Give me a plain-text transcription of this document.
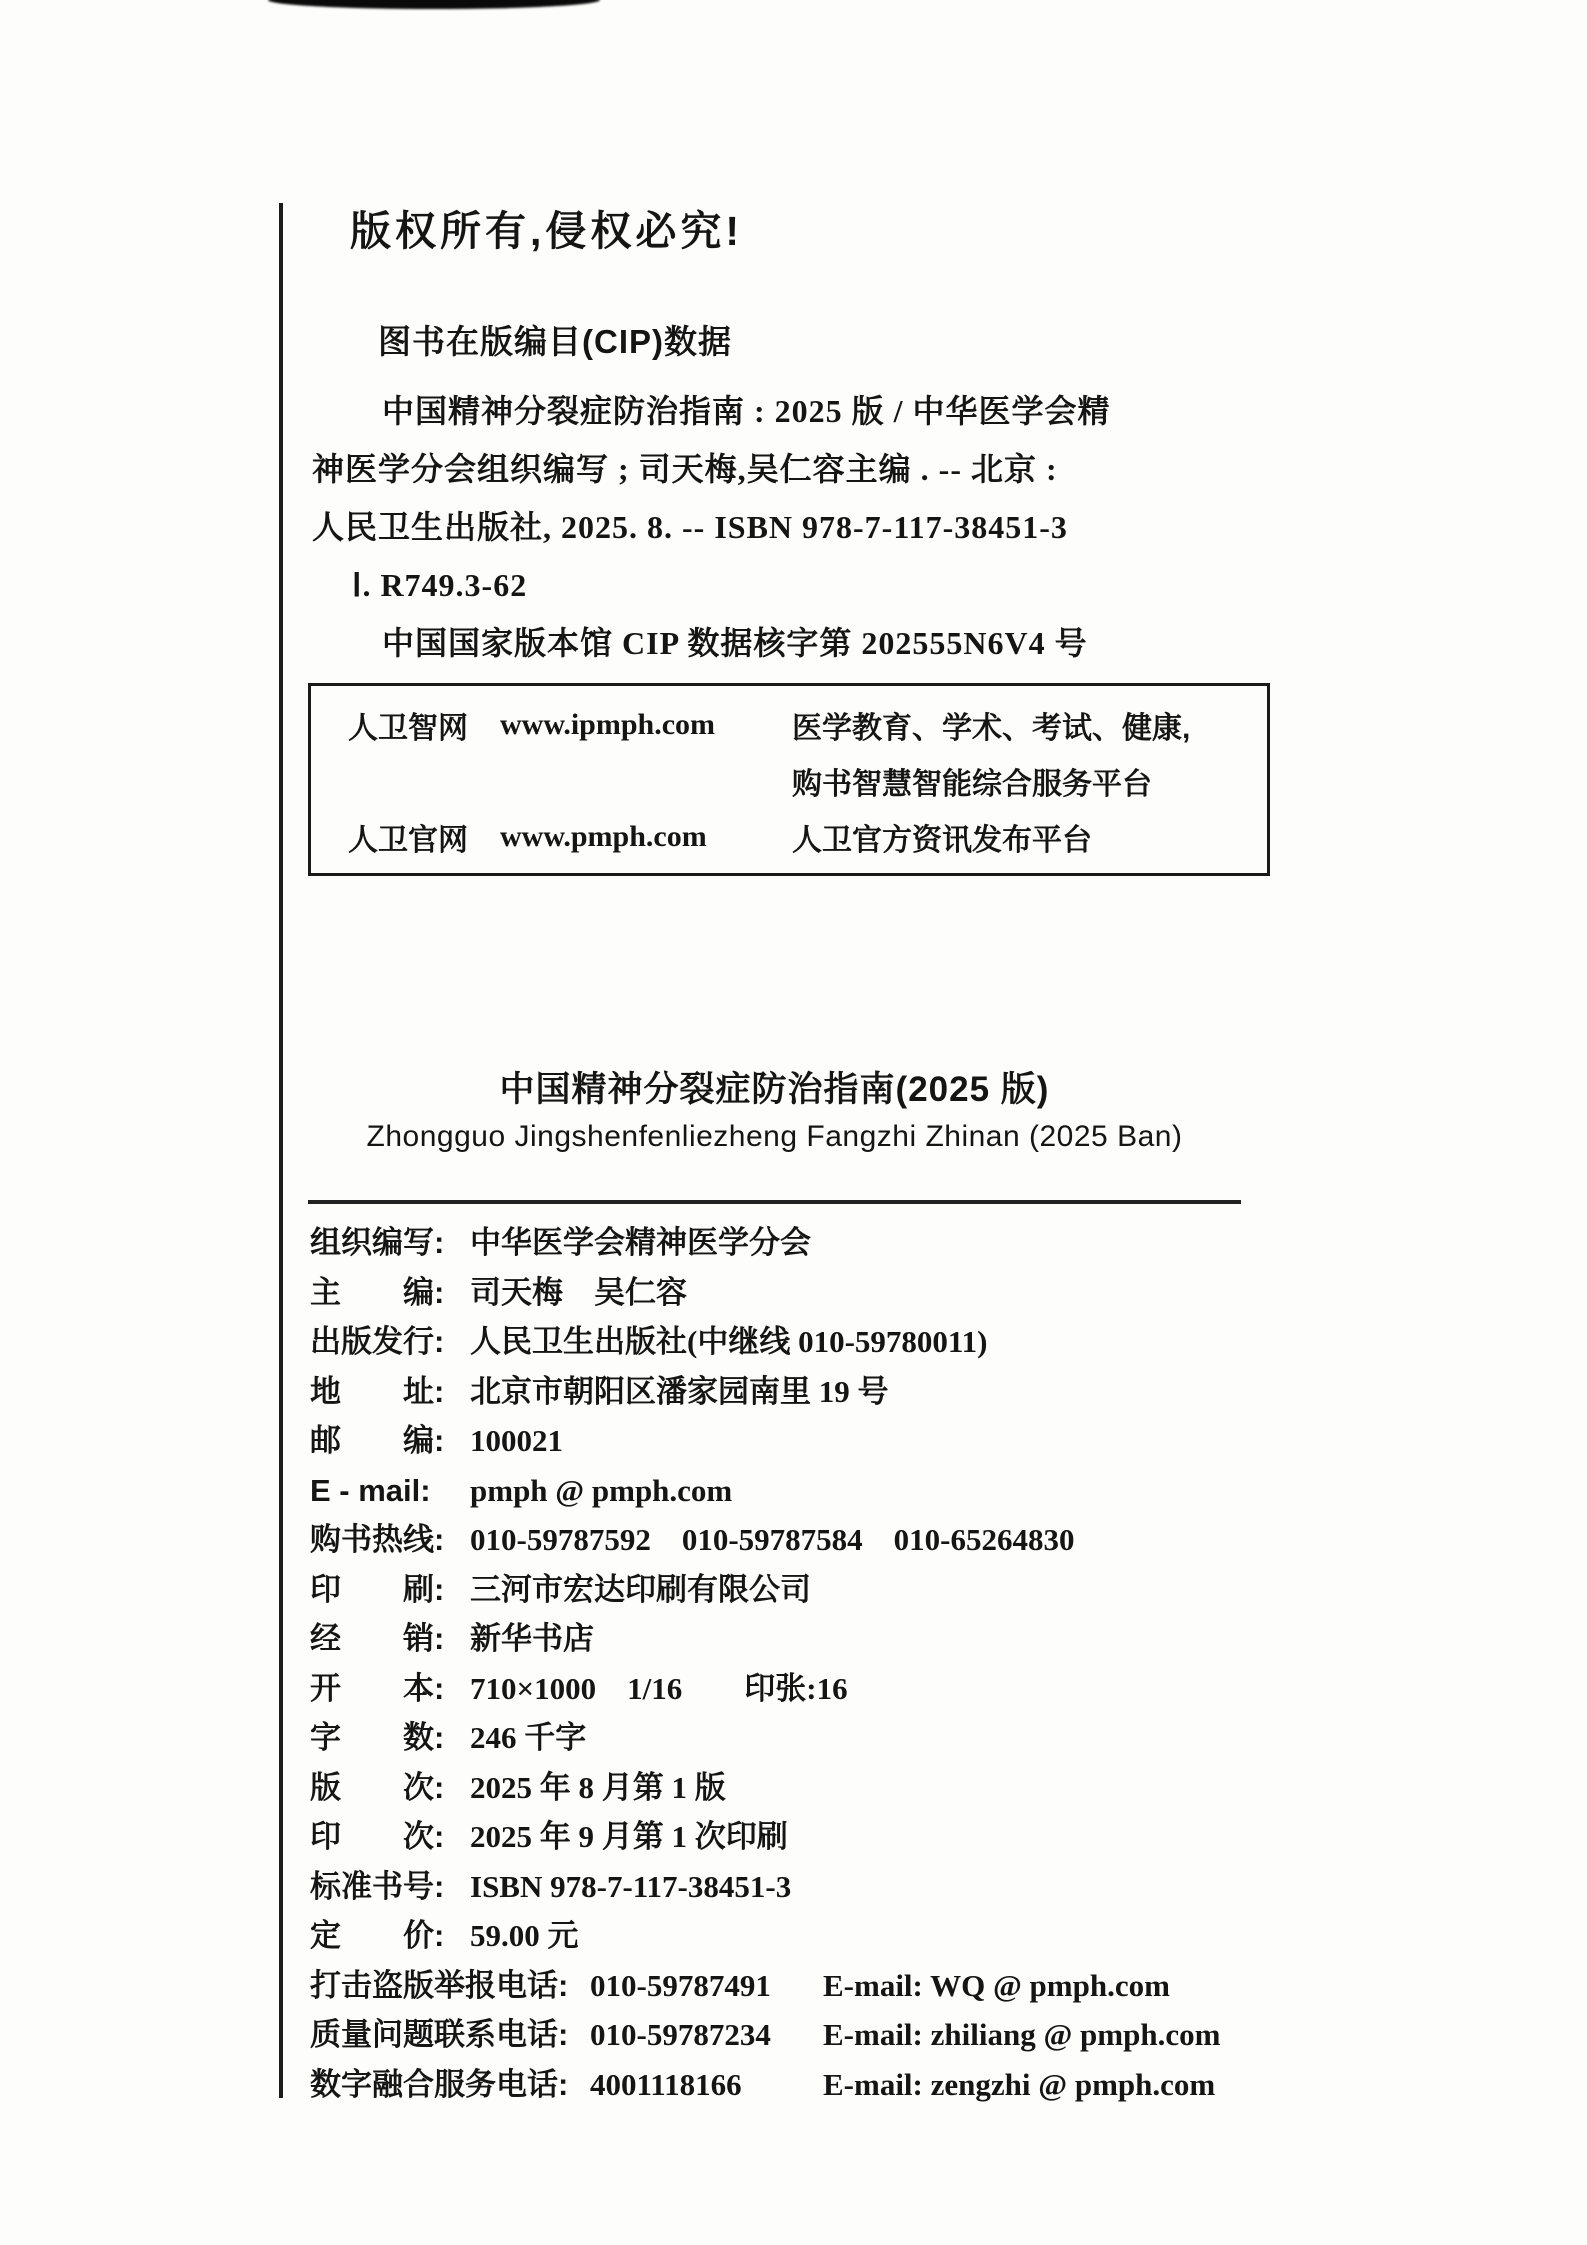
版权所有,侵权必究!
图书在版编目(CIP)数据
中国精神分裂症防治指南 : 2025 版 / 中华医学会精
神医学分会组织编写 ; 司天梅,吴仁容主编 . -- 北京 :
人民卫生出版社, 2025. 8. -- ISBN 978-7-117-38451-3
Ⅰ. R749.3-62
中国国家版本馆 CIP 数据核字第 202555N6V4 号
人卫智网	www.ipmph.com	医学教育、学术、考试、健康,
购书智慧智能综合服务平台
人卫官网	www.pmph.com	人卫官方资讯发布平台
中国精神分裂症防治指南(2025 版)
Zhongguo Jingshenfenliezheng Fangzhi Zhinan (2025 Ban)
组织编写: 中华医学会精神医学分会
主　　编: 司天梅　吴仁容
出版发行: 人民卫生出版社(中继线 010-59780011)
地　　址: 北京市朝阳区潘家园南里 19 号
邮　　编: 100021
E - mail: pmph @ pmph.com
购书热线: 010-59787592　010-59787584　010-65264830
印　　刷: 三河市宏达印刷有限公司
经　　销: 新华书店
开　　本: 710×1000　1/16　　印张:16
字　　数: 246 千字
版　　次: 2025 年 8 月第 1 版
印　　次: 2025 年 9 月第 1 次印刷
标准书号: ISBN 978-7-117-38451-3
定　　价: 59.00 元
打击盗版举报电话: 010-59787491 E-mail: WQ @ pmph.com
质量问题联系电话: 010-59787234 E-mail: zhiliang @ pmph.com
数字融合服务电话: 4001118166	E-mail: zengzhi @ pmph.com
